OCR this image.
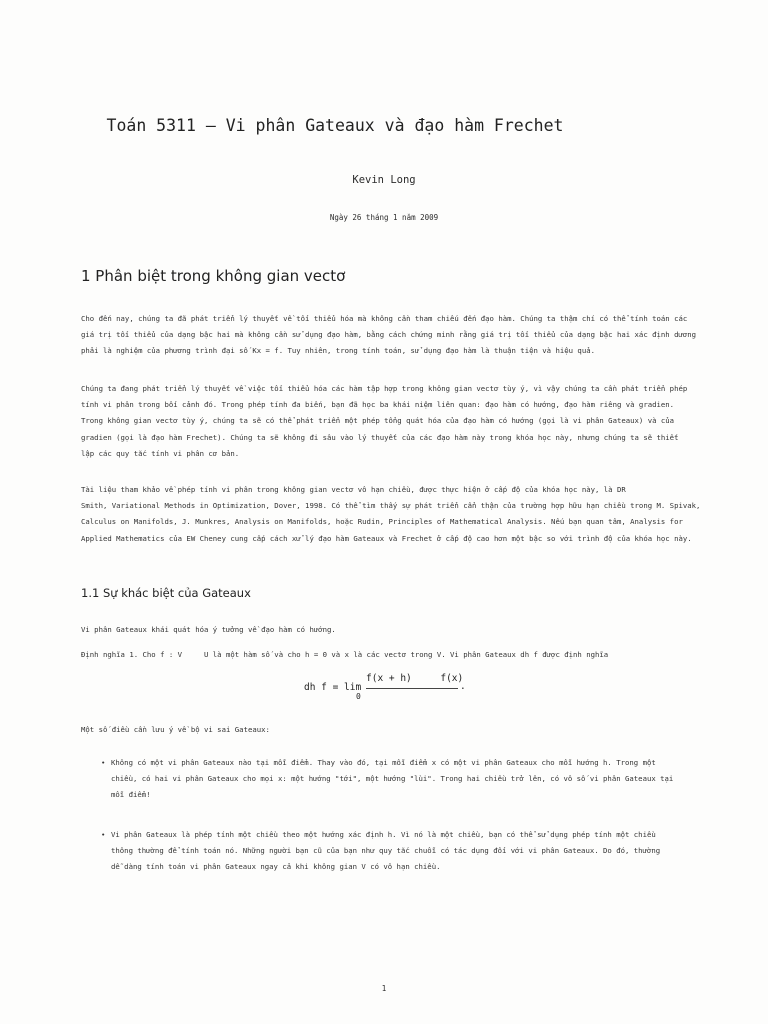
Toán 5311 – Vi phân Gateaux và đạo hàm Frechet
Kevin Long
Ngày 26 tháng 1 năm 2009
1 Phân biệt trong không gian vectơ

Cho đến nay, chúng ta đã phát triển lý thuyết về tối thiểu hóa mà không cần tham chiếu đến đạo hàm. Chúng ta thậm chí có thể tính toán các

giá trị tối thiểu của dạng bậc hai mà không cần sử dụng đạo hàm, bằng cách chứng minh rằng giá trị tối thiểu của dạng bậc hai xác định dương

phải là nghiệm của phương trình đại số Kx = f. Tuy nhiên, trong tính toán, sử dụng đạo hàm là thuận tiện và hiệu quả.

Chúng ta đang phát triển lý thuyết về việc tối thiểu hóa các hàm tập hợp trong không gian vectơ tùy ý, vì vậy chúng ta cần phát triển phép

tính vi phân trong bối cảnh đó. Trong phép tính đa biến, bạn đã học ba khái niệm liên quan: đạo hàm có hướng, đạo hàm riêng và gradien.

Trong không gian vectơ tùy ý, chúng ta sẽ có thể phát triển một phép tổng quát hóa của đạo hàm có hướng (gọi là vi phân Gateaux) và của

gradien (gọi là đạo hàm Frechet). Chúng ta sẽ không đi sâu vào lý thuyết của các đạo hàm này trong khóa học này, nhưng chúng ta sẽ thiết

lập các quy tắc tính vi phân cơ bản.

Tài liệu tham khảo về phép tính vi phân trong không gian vectơ vô hạn chiều, được thực hiện ở cấp độ của khóa học này, là DR

Smith, Variational Methods in Optimization, Dover, 1998. Có thể tìm thấy sự phát triển cẩn thận của trường hợp hữu hạn chiều trong M. Spivak,

Calculus on Manifolds, J. Munkres, Analysis on Manifolds, hoặc Rudin, Principles of Mathematical Analysis. Nếu bạn quan tâm, Analysis for

Applied Mathematics của EW Cheney cung cấp cách xử lý đạo hàm Gateaux và Frechet ở cấp độ cao hơn một bậc so với trình độ của khóa học này.

1.1 Sự khác biệt của Gateaux

Vi phân Gateaux khái quát hóa ý tưởng về đạo hàm có hướng.

Định nghĩa 1. Cho f : V     U là một hàm số và cho h = 0 và x là các vectơ trong V. Vi phân Gateaux dh f được định nghĩa

dh f = lim
0
f(x + h)     f(x)
.

Một số điều cần lưu ý về bộ vi sai Gateaux:

• Không có một vi phân Gateaux nào tại mỗi điểm. Thay vào đó, tại mỗi điểm x có một vi phân Gateaux cho mỗi hướng h. Trong một

chiều, có hai vi phân Gateaux cho mọi x: một hướng "tới", một hướng "lùi". Trong hai chiều trở lên, có vô số vi phân Gateaux tại

mỗi điểm!

• Vi phân Gateaux là phép tính một chiều theo một hướng xác định h. Vì nó là một chiều, bạn có thể sử dụng phép tính một chiều

thông thường để tính toán nó. Những người bạn cũ của bạn như quy tắc chuỗi có tác dụng đối với vi phân Gateaux. Do đó, thường

dễ dàng tính toán vi phân Gateaux ngay cả khi không gian V có vô hạn chiều.

1
